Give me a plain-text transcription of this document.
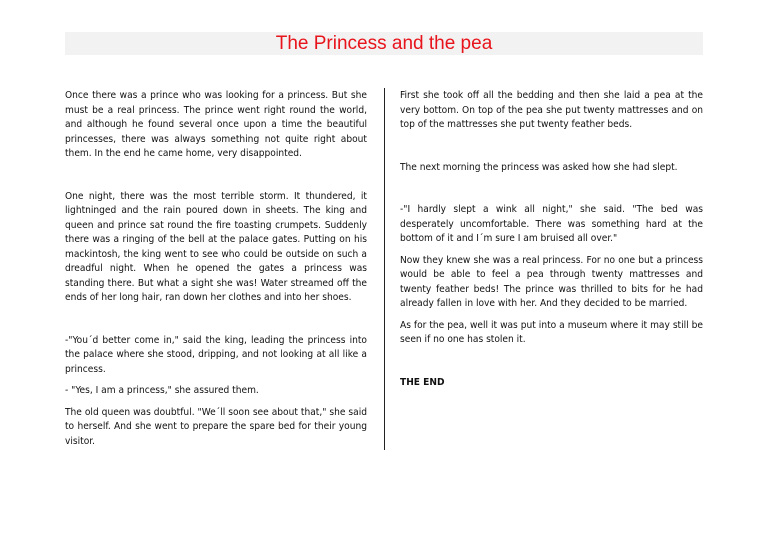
The Princess and the pea

Once there was a prince who was looking for a princess. But she must be a real princess. The prince went right round the world, and although he found several once upon a time the beautiful princesses, there was always something not quite right about them. In the end he came home, very disappointed.

One night, there was the most terrible storm. It thundered, it lightninged and the rain poured down in sheets. The king and queen and prince sat round the fire toasting crumpets. Suddenly there was a ringing of the bell at the palace gates. Putting on his mackintosh, the king went to see who could be outside on such a dreadful night. When he opened the gates a princess was standing there. But what a sight she was! Water streamed off the ends of her long hair, ran down her clothes and into her shoes.

-"You´d better come in," said the king, leading the princess into the palace where she stood, dripping, and not looking at all like a princess.

- "Yes, I am a princess," she assured them.

The old queen was doubtful. "We´ll soon see about that," she said to herself. And she went to prepare the spare bed for their young visitor.

First she took off all the bedding and then she laid a pea at the very bottom. On top of the pea she put twenty mattresses and on top of the mattresses she put twenty feather beds.

The next morning the princess was asked how she had slept.

-"I hardly slept a wink all night," she said. "The bed was desperately uncomfortable. There was something hard at the bottom of it and I´m sure I am bruised all over."

Now they knew she was a real princess. For no one but a princess would be able to feel a pea through twenty mattresses and twenty feather beds! The prince was thrilled to bits for he had already fallen in love with her. And they decided to be married.

As for the pea, well it was put into a museum where it may still be seen if no one has stolen it.

THE END
